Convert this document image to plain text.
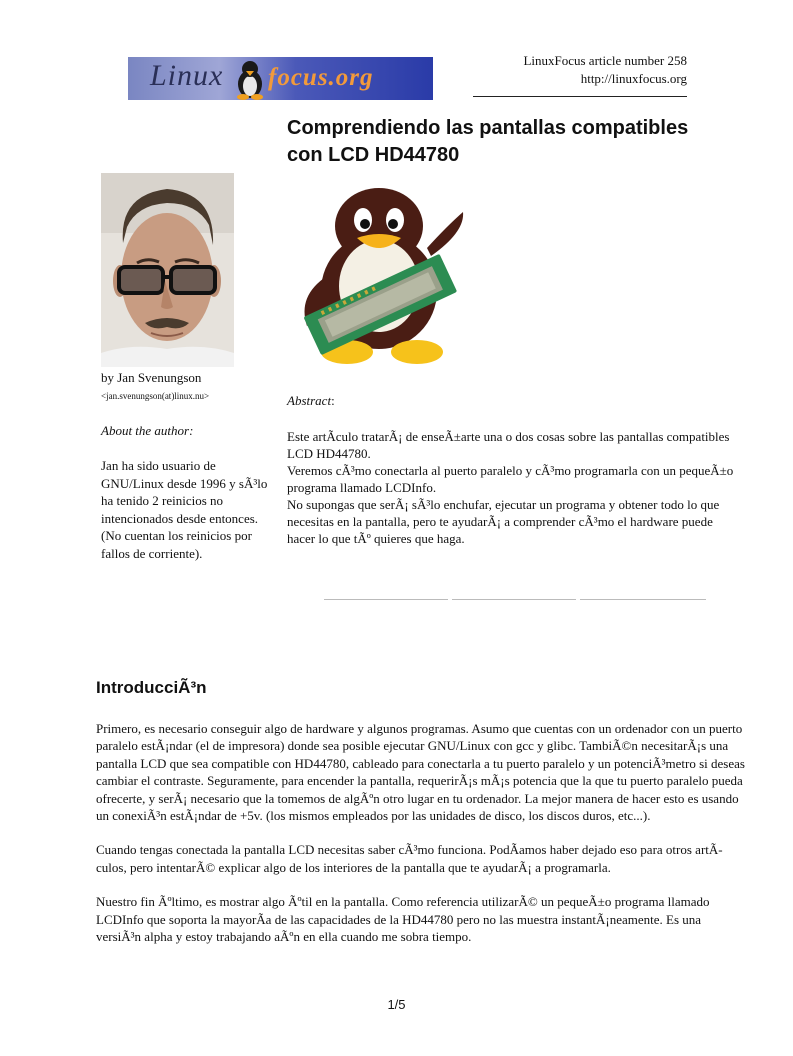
LinuxFocus article number 258
http://linuxfocus.org
Linux focus.org
Comprendiendo las pantallas compatibles con LCD HD44780
by Jan Svenungson
<jan.svenungson(at)linux.nu>
About the author:
Jan ha sido usuario de GNU/Linux desde 1996 y sÃ³lo ha tenido 2 reinicios no intencionados desde entonces. (No cuentan los reinicios por fallos de corriente).
Abstract:

Este artÃculo tratarÃ¡ de enseÃ±arte una o dos cosas sobre las pantallas compatibles LCD HD44780.

Veremos cÃ³mo conectarla al puerto paralelo y cÃ³mo programarla con un pequeÃ±o programa llamado LCDInfo.

No supongas que serÃ¡ sÃ³lo enchufar, ejecutar un programa y obtener todo lo que necesitas en la pantalla, pero te ayudarÃ¡ a comprender cÃ³mo el hardware puede hacer lo que tÃº quieres que haga.

IntroducciÃ³n

Primero, es necesario conseguir algo de hardware y algunos programas. Asumo que cuentas con un ordenador con un puerto paralelo estÃ¡ndar (el de impresora) donde sea posible ejecutar GNU/Linux con gcc y glibc. TambiÃ©n necesitarÃ¡s una pantalla LCD que sea compatible con HD44780, cableado para conectarla a tu puerto paralelo y un potenciÃ³metro si deseas cambiar el contraste. Seguramente, para encender la pantalla, requerirÃ¡s mÃ¡s potencia que la que tu puerto paralelo pueda ofrecerte, y serÃ¡ necesario que la tomemos de algÃºn otro lugar en tu ordenador. La mejor manera de hacer esto es usando un conexiÃ³n estÃ¡ndar de +5v. (los mismos empleados por las unidades de disco, los discos duros, etc...).

Cuando tengas conectada la pantalla LCD necesitas saber cÃ³mo funciona. PodÃamos haber dejado eso para otros artÃculos, pero intentarÃ© explicar algo de los interiores de la pantalla que te ayudarÃ¡ a programarla.

Nuestro fin Ãºltimo, es mostrar algo Ãºtil en la pantalla. Como referencia utilizarÃ© un pequeÃ±o programa llamado LCDInfo que soporta la mayorÃa de las capacidades de la HD44780 pero no las muestra instantÃ¡neamente. Es una versiÃ³n alpha y estoy trabajando aÃºn en ella cuando me sobra tiempo.

1/5
